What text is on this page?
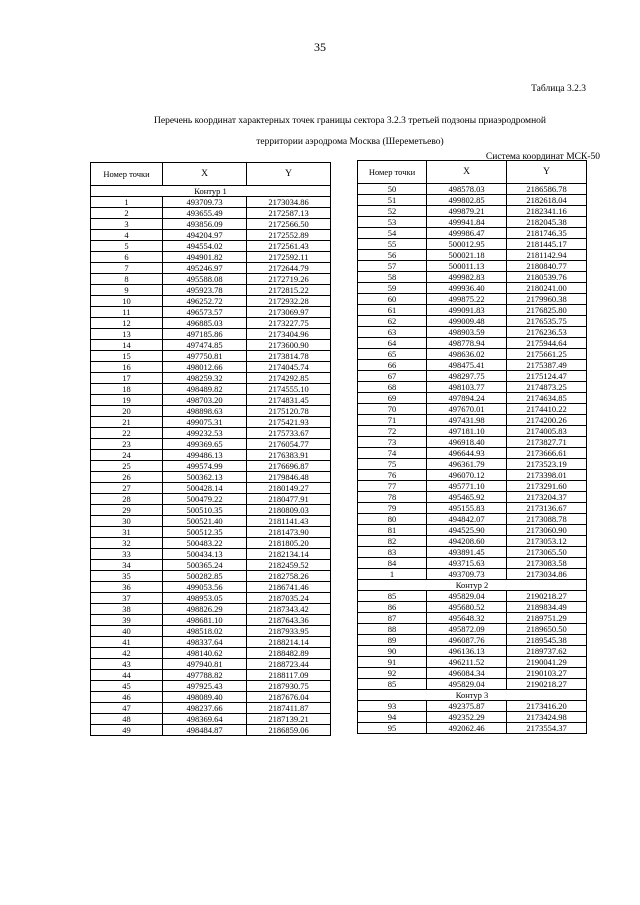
35
Таблица 3.2.3
Перечень координат характерных точек границы сектора 3.2.3 третьей подзоны приаэродромной
территории аэродрома Москва (Шереметьево)
Система координат МСК-50
Номер точки	X	Y
Контур 1		
1	493709.73	2173034.86
2	493655.49	2172587.13
3	493856.09	2172566.50
4	494204.97	2172552.89
5	494554.02	2172561.43
6	494901.82	2172592.11
7	495246.97	2172644.79
8	495588.08	2172719.26
9	495923.78	2172815.22
10	496252.72	2172932.28
11	496573.57	2173069.97
12	496885.03	2173227.75
13	497185.86	2173404.96
14	497474.85	2173600.90
15	497750.81	2173814.78
16	498012.66	2174045.74
17	498259.32	2174292.85
18	498489.82	2174555.10
19	498703.20	2174831.45
20	498898.63	2175120.78
21	499075.31	2175421.93
22	499232.53	2175733.67
23	499369.65	2176054.77
24	499486.13	2176383.91
25	499574.99	2176696.87
26	500362.13	2179846.48
27	500428.14	2180149.27
28	500479.22	2180477.91
29	500510.35	2180809.03
30	500521.40	2181141.43
31	500512.35	2181473.90
32	500483.22	2181805.20
33	500434.13	2182134.14
34	500365.24	2182459.52
35	500282.85	2182758.26
36	499053.56	2186741.46
37	498953.05	2187035.24
38	498826.29	2187343.42
39	498681.10	2187643.36
40	498518.02	2187933.95
41	498337.64	2188214.14
42	498140.62	2188482.89
43	497940.81	2188723.44
44	497788.82	2188117.09
45	497925.43	2187930.75
46	498089.40	2187676.04
47	498237.66	2187411.87
48	498369.64	2187139.21
49	498484.87	2186859.06
Номер точки	X	Y
50	498578.03	2186586.78
51	499802.85	2182618.04
52	499879.21	2182341.16
53	499941.84	2182045.38
54	499986.47	2181746.35
55	500012.95	2181445.17
56	500021.18	2181142.94
57	500011.13	2180840.77
58	499982.83	2180539.76
59	499936.40	2180241.00
60	499875.22	2179960.38
61	499091.83	2176825.80
62	499009.48	2176535.75
63	498903.59	2176236.53
64	498778.94	2175944.64
65	498636.02	2175661.25
66	498475.41	2175387.49
67	498297.75	2175124.47
68	498103.77	2174873.25
69	497894.24	2174634.85
70	497670.01	2174410.22
71	497431.98	2174200.26
72	497181.10	2174005.83
73	496918.40	2173827.71
74	496644.93	2173666.61
75	496361.79	2173523.19
76	496070.12	2173398.01
77	495771.10	2173291.60
78	495465.92	2173204.37
79	495155.83	2173136.67
80	494842.07	2173088.78
81	494525.90	2173060.90
82	494208.60	2173053.12
83	493891.45	2173065.50
84	493715.63	2173083.58
1	493709.73	2173034.86
Контур 2		
85	495829.04	2190218.27
86	495680.52	2189834.49
87	495648.32	2189751.29
88	495872.09	2189650.50
89	496087.76	2189545.38
90	496136.13	2189737.62
91	496211.52	2190041.29
92	496084.34	2190103.27
85	495829.04	2190218.27
Контур 3		
93	492375.87	2173416.20
94	492352.29	2173424.98
95	492062.46	2173554.37
